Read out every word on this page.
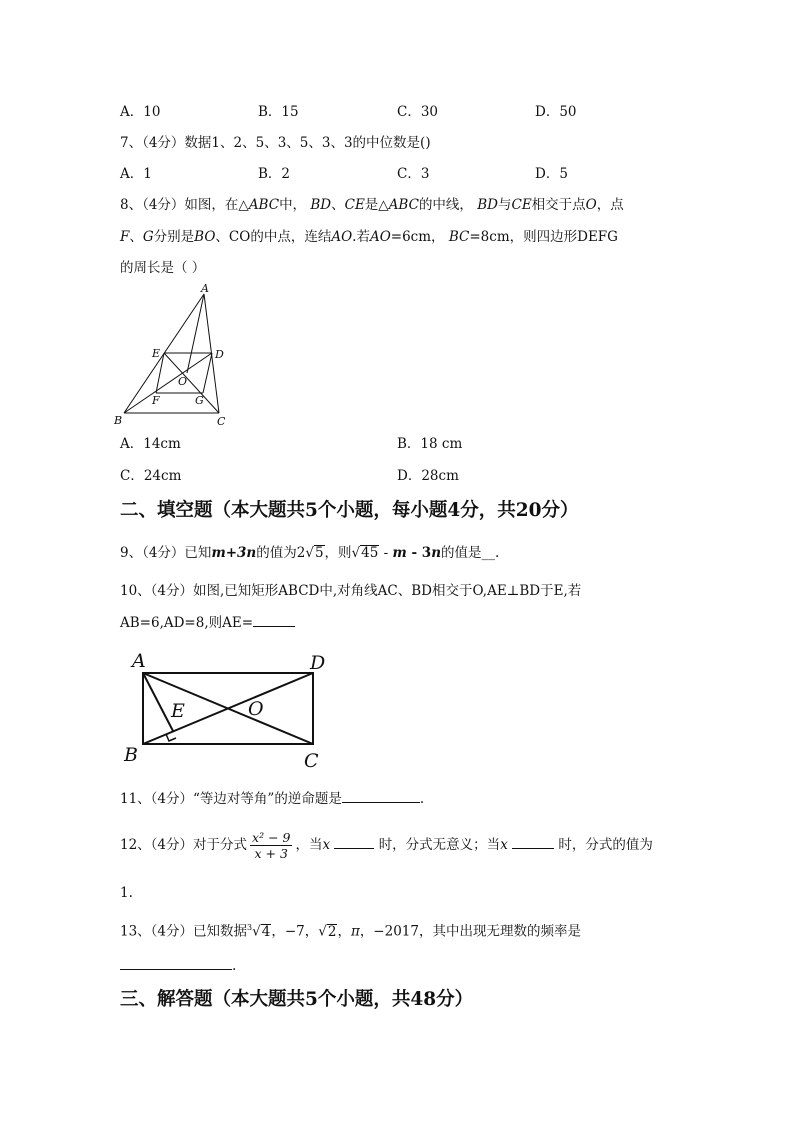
A．10	B．15	C．30	D．50
7、（4分）数据1、2、5、3、5、3、3的中位数是()
A．1	B．2	C．3	D．5
8、（4分）如图，在△ABC中， BD、CE是△ABC的中线， BD与CE相交于点O，点
F、G分别是BO、CO的中点，连结AO.若AO=6cm， BC=8cm，则四边形DEFG
的周长是（ ）
A
B	C
D
E
F	G
O
A．14cm	B．18 cm
C．24cm	D．28cm
二、填空题（本大题共5个小题，每小题4分，共20分）
9、（4分）已知m+3n的值为2√5，则√45 - m - 3n的值是__.
10、（4分）如图,已知矩形ABCD中,对角线AC、BD相交于O,AE⊥BD于E,若
AB=6,AD=8,则AE=
A	D
B	C
E	O
11、（4分）“等边对等角”的逆命题是	.
12、（4分）对于分式 $\frac{\text{x² − 9}}{x + 3}$ ，当x	时，分式无意义；当x	时，分式的值为
1.
13、（4分）已知数据$^3$√4，−7，√2，π，−2017，其中出现无理数的频率是
.
三、解答题（本大题共5个小题，共48分）
